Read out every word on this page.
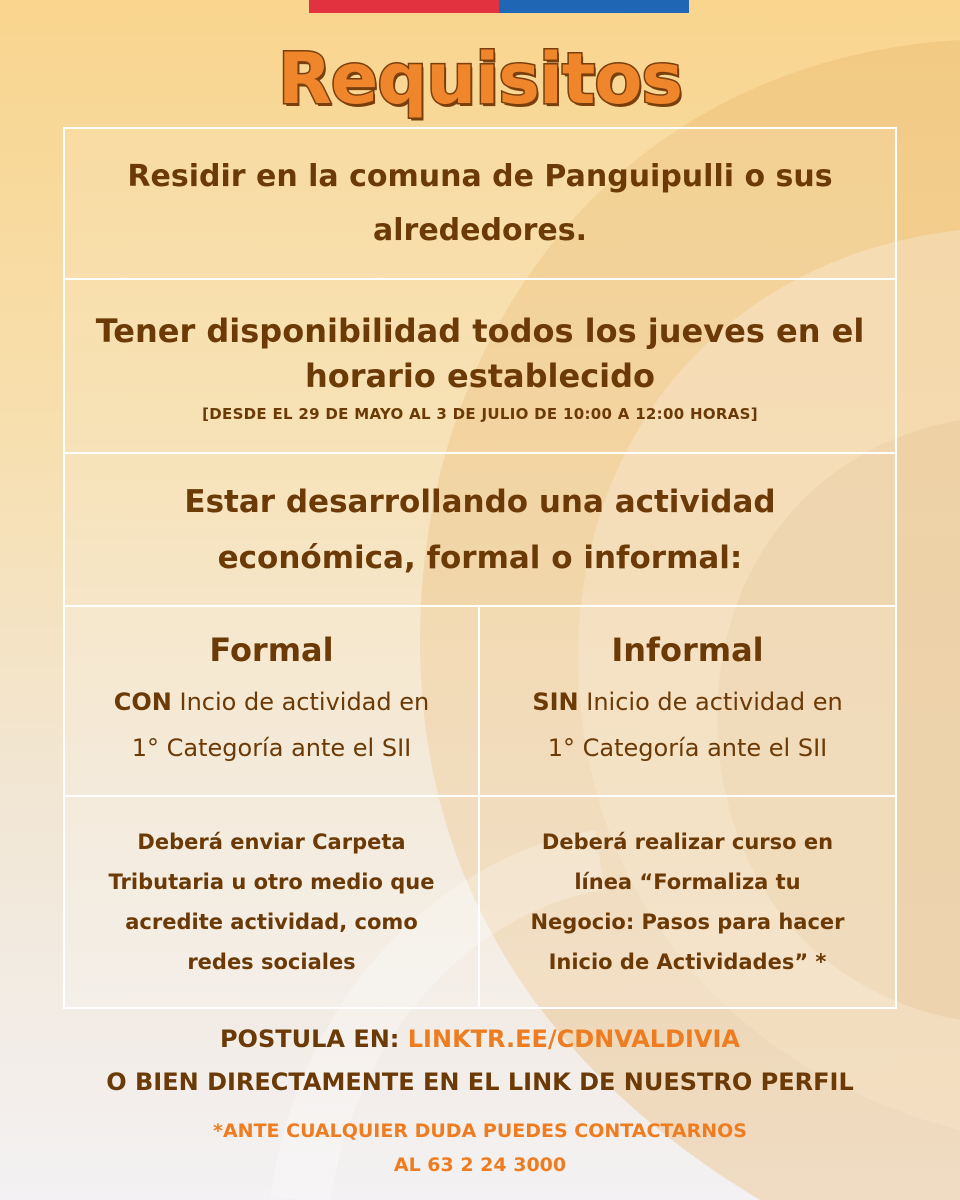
Requisitos
Residir en la comuna de Panguipulli o sus
alrededores.
Tener disponibilidad todos los jueves en el
horario establecido
[DESDE EL 29 DE MAYO AL 3 DE JULIO DE 10:00 A 12:00 HORAS]
Estar desarrollando una actividad
económica, formal o informal:
Formal
CON Incio de actividad en
1° Categoría ante el SII
Informal
SIN Inicio de actividad en
1° Categoría ante el SII
Deberá enviar Carpeta
Tributaria u otro medio que
acredite actividad, como
redes sociales
Deberá realizar curso en
línea “Formaliza tu
Negocio: Pasos para hacer
Inicio de Actividades” *
POSTULA EN: LINKTR.EE/CDNVALDIVIA
O BIEN DIRECTAMENTE EN EL LINK DE NUESTRO PERFIL
*ANTE CUALQUIER DUDA PUEDES CONTACTARNOS
AL 63 2 24 3000
